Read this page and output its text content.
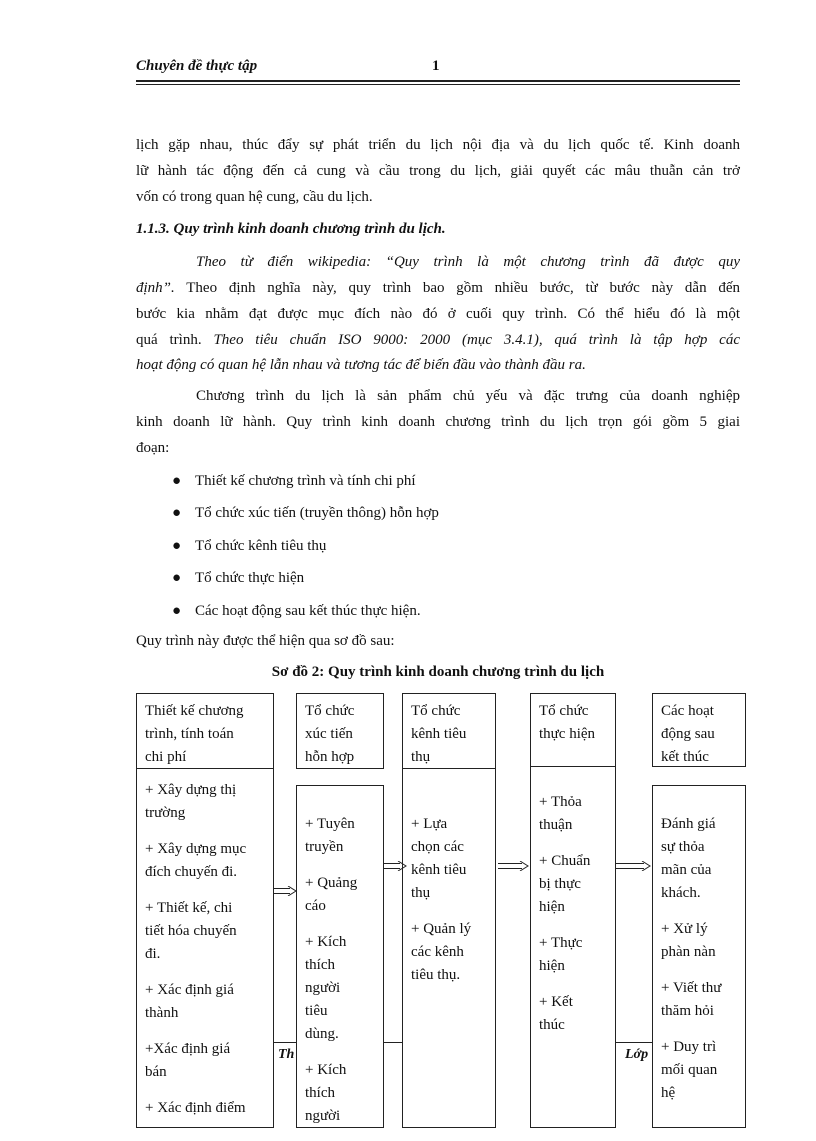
Chuyên đề thực tập	1
lịch gặp nhau, thúc đẩy sự phát triển du lịch nội địa và du lịch quốc tế. Kinh doanh
lữ hành tác động đến cả cung và cầu trong du lịch, giải quyết các mâu thuẫn cản trở
vốn có trong quan hệ cung, cầu du lịch.
1.1.3. Quy trình kinh doanh chương trình du lịch.
Theo từ điển wikipedia: “Quy trình là một chương trình đã được quy
định”. Theo định nghĩa này, quy trình bao gồm nhiều bước, từ bước này dẫn đến
bước kia nhằm đạt được mục đích nào đó ở cuối quy trình. Có thể hiểu đó là một
quá trình. Theo tiêu chuẩn ISO 9000: 2000 (mục 3.4.1), quá trình là tập hợp các
hoạt động có quan hệ lẫn nhau và tương tác để biến đầu vào thành đầu ra.
Chương trình du lịch là sản phẩm chủ yếu và đặc trưng của doanh nghiệp
kinh doanh lữ hành. Quy trình kinh doanh chương trình du lịch trọn gói gồm 5 giai
đoạn:
● Thiết kế chương trình và tính chi phí
● Tổ chức xúc tiến (truyền thông) hỗn hợp
● Tổ chức kênh tiêu thụ
● Tổ chức thực hiện
● Các hoạt động sau kết thúc thực hiện.
Quy trình này được thể hiện qua sơ đồ sau:
Sơ đồ 2: Quy trình kinh doanh chương trình du lịch
Thiết kế chương
trình, tính toán
chi phí
+ Xây dựng thị
trường
+ Xây dựng mục
đích chuyến đi.
+ Thiết kế, chi
tiết hóa chuyến
đi.
+ Xác định giá
thành
+Xác định giá
bán
+ Xác định điểm
Tổ chức
xúc tiến
hỗn hợp
+ Tuyên
truyền
+ Quảng
cáo
+ Kích
thích
người
tiêu
dùng.
+ Kích
thích
người
Tổ chức
kênh tiêu
thụ
+ Lựa
chọn các
kênh tiêu
thụ
+ Quản lý
các kênh
tiêu thụ.
Tổ chức
thực hiện
+ Thỏa
thuận
+ Chuẩn
bị thực
hiện
+ Thực
hiện
+ Kết
thúc
Các hoạt
động sau
kết thúc
Đánh giá
sự thỏa
mãn của
khách.
+ Xử lý
phàn nàn
+ Viết thư
thăm hỏi
+ Duy trì
mối quan
hệ
Th	Lớp
